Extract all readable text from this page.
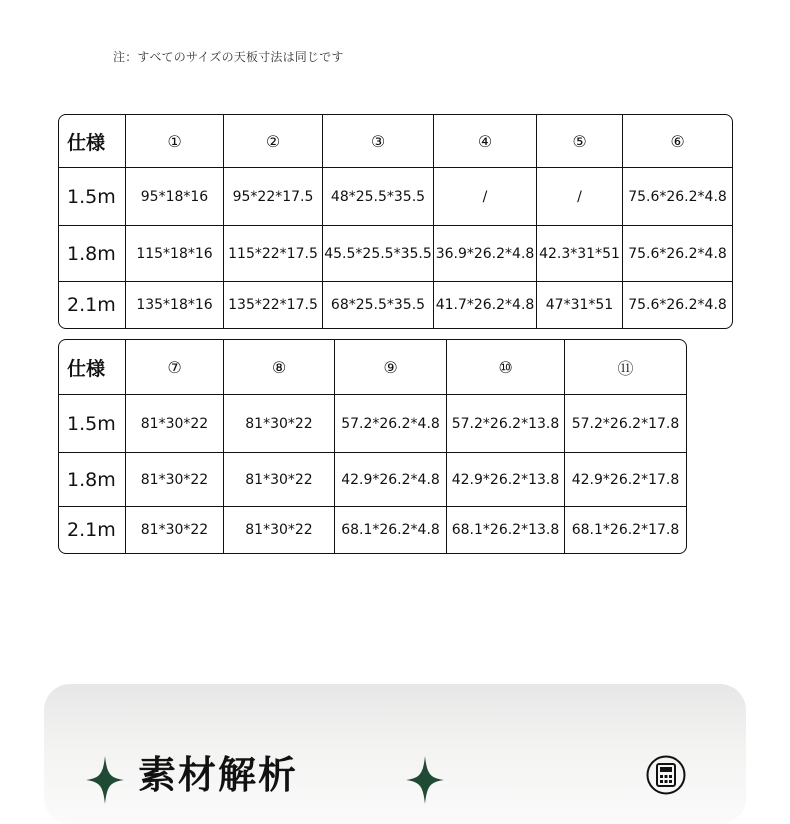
注：すべてのサイズの天板寸法は同じです
仕様	①	②	③	④	⑤	⑥
1.5m	95*18*16	95*22*17.5	48*25.5*35.5	/	/	75.6*26.2*4.8
1.8m	115*18*16	115*22*17.5	45.5*25.5*35.5	36.9*26.2*4.8	42.3*31*51	75.6*26.2*4.8
2.1m	135*18*16	135*22*17.5	68*25.5*35.5	41.7*26.2*4.8	47*31*51	75.6*26.2*4.8
仕様	⑦	⑧	⑨	⑩	⑪
1.5m	81*30*22	81*30*22	57.2*26.2*4.8	57.2*26.2*13.8	57.2*26.2*17.8
1.8m	81*30*22	81*30*22	42.9*26.2*4.8	42.9*26.2*13.8	42.9*26.2*17.8
2.1m	81*30*22	81*30*22	68.1*26.2*4.8	68.1*26.2*13.8	68.1*26.2*17.8
素材解析
